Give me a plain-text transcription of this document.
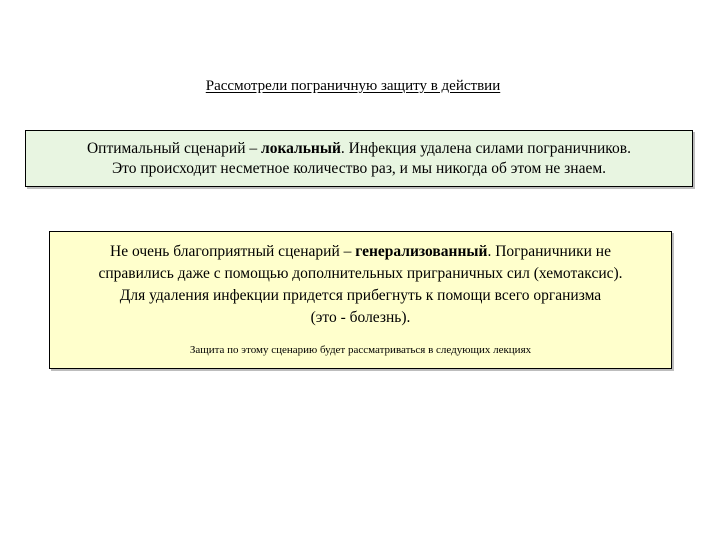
Рассмотрели пограничную защиту в действии
Оптимальный сценарий – локальный. Инфекция удалена силами пограничников.
Это происходит несметное количество раз, и мы никогда об этом не знаем.
Не очень благоприятный сценарий – генерализованный. Пограничники не
справились даже с помощью дополнительных приграничных сил (хемотаксис).
Для удаления инфекции придется прибегнуть к помощи всего организма
(это - болезнь).
Защита по этому сценарию будет рассматриваться в следующих лекциях
